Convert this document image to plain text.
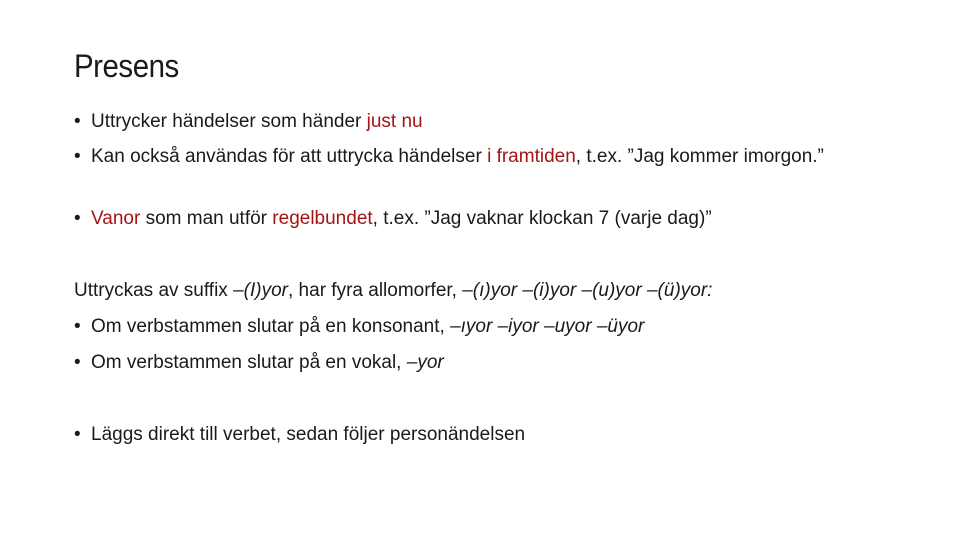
Presens
• Uttrycker händelser som händer just nu
• Kan också användas för att uttrycka händelser i framtiden, t.ex. ”Jag kommer imorgon.”
• Vanor som man utför regelbundet, t.ex. ”Jag vaknar klockan 7 (varje dag)”
Uttryckas av suffix –(I)yor, har fyra allomorfer, –(ı)yor –(i)yor –(u)yor –(ü)yor:
• Om verbstammen slutar på en konsonant, –ıyor –iyor –uyor –üyor
• Om verbstammen slutar på en vokal, –yor
• Läggs direkt till verbet, sedan följer personändelsen
